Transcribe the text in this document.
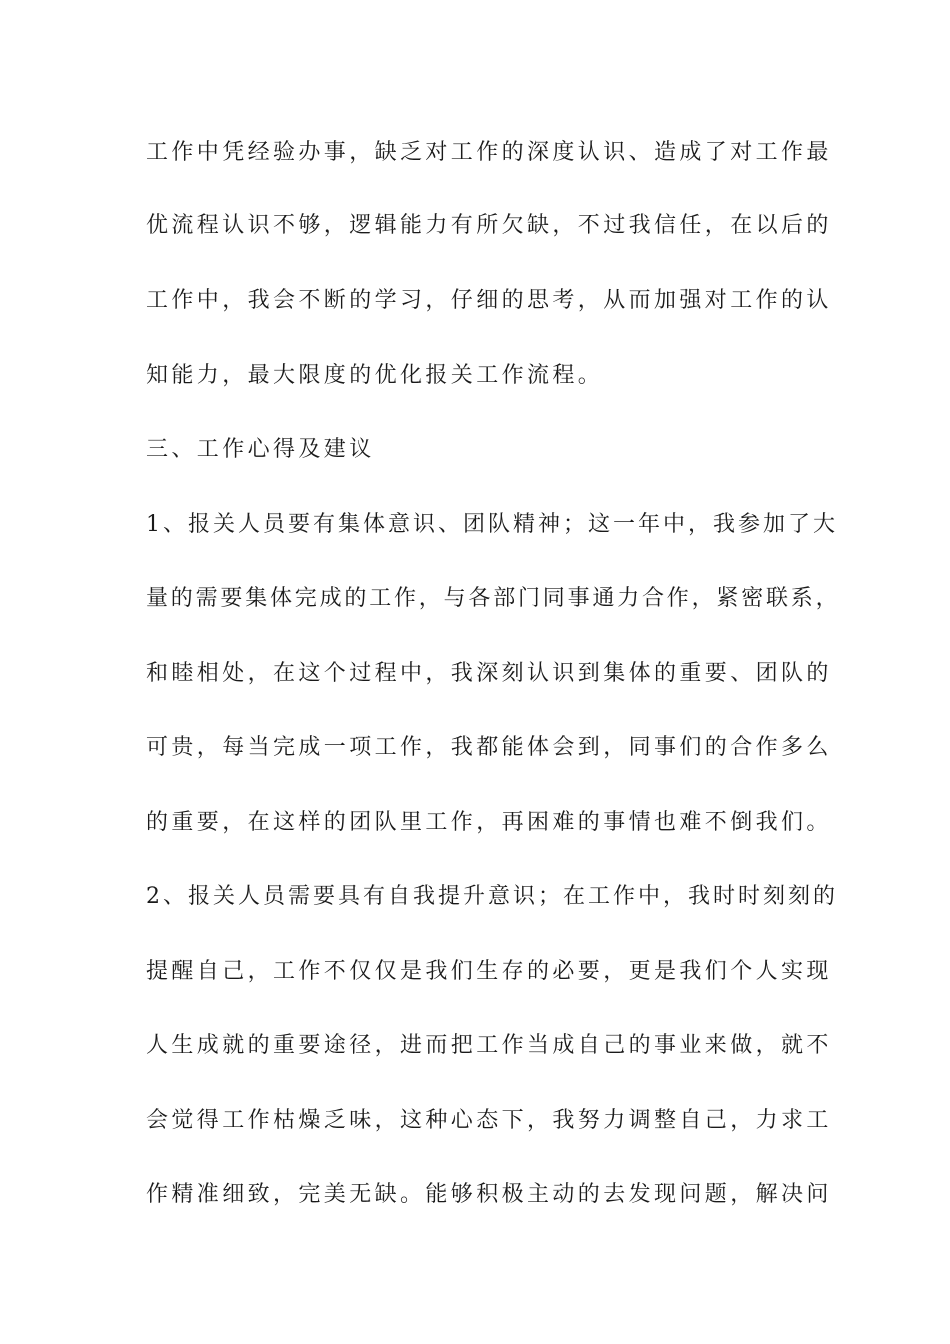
工作中凭经验办事，缺乏对工作的深度认识、造成了对工作最
优流程认识不够，逻辑能力有所欠缺，不过我信任，在以后的
工作中，我会不断的学习，仔细的思考，从而加强对工作的认
知能力，最大限度的优化报关工作流程。
三、工作心得及建议
1、报关人员要有集体意识、团队精神；这一年中，我参加了大
量的需要集体完成的工作，与各部门同事通力合作，紧密联系，
和睦相处，在这个过程中，我深刻认识到集体的重要、团队的
可贵，每当完成一项工作，我都能体会到，同事们的合作多么
的重要，在这样的团队里工作，再困难的事情也难不倒我们。
2、报关人员需要具有自我提升意识；在工作中，我时时刻刻的
提醒自己，工作不仅仅是我们生存的必要，更是我们个人实现
人生成就的重要途径，进而把工作当成自己的事业来做，就不
会觉得工作枯燥乏味，这种心态下，我努力调整自己，力求工
作精准细致，完美无缺。能够积极主动的去发现问题，解决问
